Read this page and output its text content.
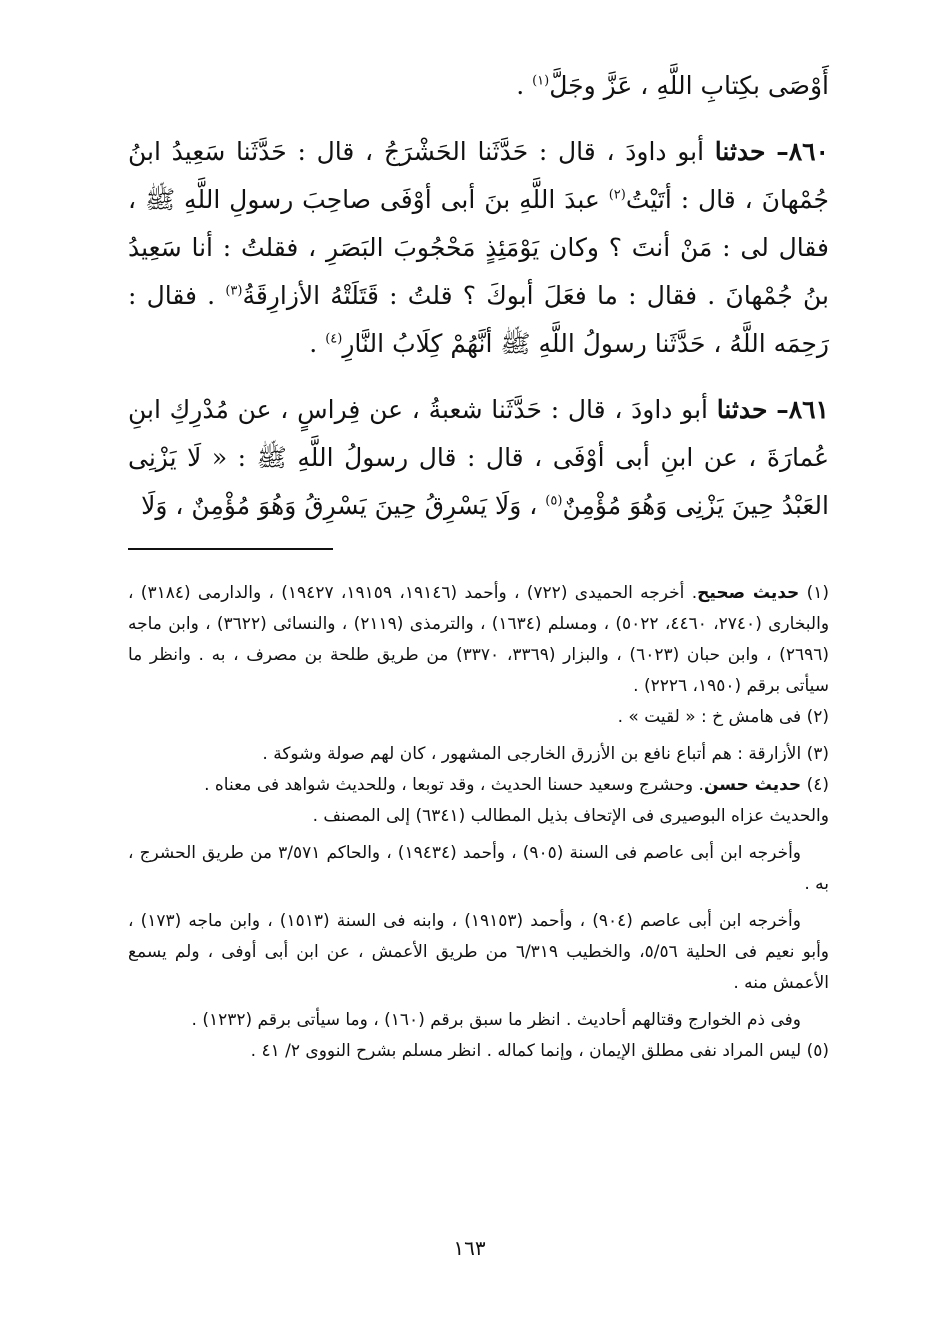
أَوْصَى بكِتابِ اللَّهِ ، عَزَّ وجَلَّ$^{(١)}$ .

٨٦٠– حدثنا أبو داودَ ، قال : حَدَّثَنا الحَشْرَجُ ، قال : حَدَّثَنا سَعِيدُ ابنُ جُمْهانَ ، قال : أتَيْتُ$^{(٢)}$ عبدَ اللَّهِ بنَ أبى أوْفَى صاحِبَ رسولِ اللَّهِ ﷺ ، فقال لى : مَنْ أنتَ ؟ وكان يَوْمَئِذٍ مَحْجُوبَ البَصَرِ ، فقلتُ : أنا سَعِيدُ بنُ جُمْهانَ . فقال : ما فعَلَ أبوكَ ؟ قلتُ : قَتَلَتْهُ الأزارِقَةُ$^{(٣)}$ . فقال : رَحِمَه اللَّهُ ، حَدَّثَنا رسولُ اللَّهِ ﷺ أنَّهُمْ كِلَابُ النَّارِ$^{(٤)}$ .

٨٦١– حدثنا أبو داودَ ، قال : حَدَّثَنا شعبةُ ، عن فِراسٍ ، عن مُدْرِكِ ابنِ عُمارَةَ ، عن ابنِ أبى أوْفَى ، قال : قال رسولُ اللَّهِ ﷺ : « لَا يَزْنِى العَبْدُ حِينَ يَزْنِى وَهُوَ مُؤْمِنٌ$^{(٥)}$ ، وَلَا يَسْرِقُ حِينَ يَسْرِقُ وَهُوَ مُؤْمِنٌ ، وَلَا

(١) حديث صحيح. أخرجه الحميدى (٧٢٢) ، وأحمد (١٩١٤٦، ١٩١٥٩، ١٩٤٢٧) ، والدارمى (٣١٨٤) ، والبخارى (٢٧٤٠، ٤٤٦٠، ٥٠٢٢) ، ومسلم (١٦٣٤) ، والترمذى (٢١١٩) ، والنسائى (٣٦٢٢) ، وابن ماجه (٢٦٩٦) ، وابن حبان (٦٠٢٣) ، والبزار (٣٣٦٩، ٣٣٧٠) من طريق طلحة بن مصرف ، به . وانظر ما سيأتى برقم (١٩٥٠، ٢٢٢٦) .

(٢) فى هامش خ : « لقيت » .

(٣) الأزارقة : هم أتباع نافع بن الأزرق الخارجى المشهور ، كان لهم صولة وشوكة .

(٤) حديث حسن. وحشرج وسعيد حسنا الحديث ، وقد توبعا ، وللحديث شواهد فى معناه .

والحديث عزاه البوصيرى فى الإتحاف بذيل المطالب (٦٣٤١) إلى المصنف .

وأخرجه ابن أبى عاصم فى السنة (٩٠٥) ، وأحمد (١٩٤٣٤) ، والحاكم ٣/٥٧١ من طريق الحشرج ، به .

وأخرجه ابن أبى عاصم (٩٠٤) ، وأحمد (١٩١٥٣) ، وابنه فى السنة (١٥١٣) ، وابن ماجه (١٧٣) ، وأبو نعيم فى الحلية ٥/٥٦، والخطيب ٦/٣١٩ من طريق الأعمش ، عن ابن أبى أوفى ، ولم يسمع الأعمش منه .

وفى ذم الخوارج وقتالهم أحاديث . انظر ما سبق برقم (١٦٠) ، وما سيأتى برقم (١٢٣٢) .

(٥) ليس المراد نفى مطلق الإيمان ، وإنما كماله . انظر مسلم بشرح النووى ٢/ ٤١ .

١٦٣
